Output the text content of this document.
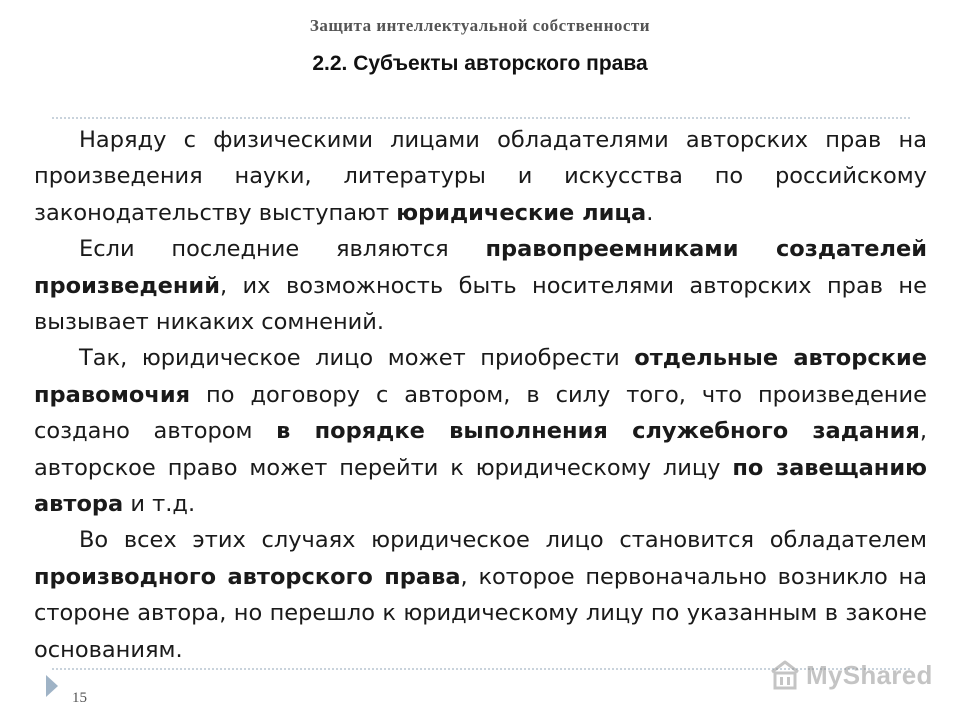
Защита интеллектуальной собственности
2.2. Субъекты авторского права

Наряду с физическими лицами обладателями авторских прав на произведения науки, литературы и искусства по российскому законодательству выступают юридические лица.

Если последние являются правопреемниками создателей произведений, их возможность быть носителями авторских прав не вызывает никаких сомнений.

Так, юридическое лицо может приобрести отдельные авторские правомочия по договору с автором, в силу того, что произведение создано автором в порядке выполнения служебного задания, авторское право может перейти к юридическому лицу по завещанию автора и т.д.

Во всех этих случаях юридическое лицо становится обладателем производного авторского права, которое первоначально возникло на стороне автора, но перешло к юридическому лицу по указанным в законе основаниям.

15
MyShared
